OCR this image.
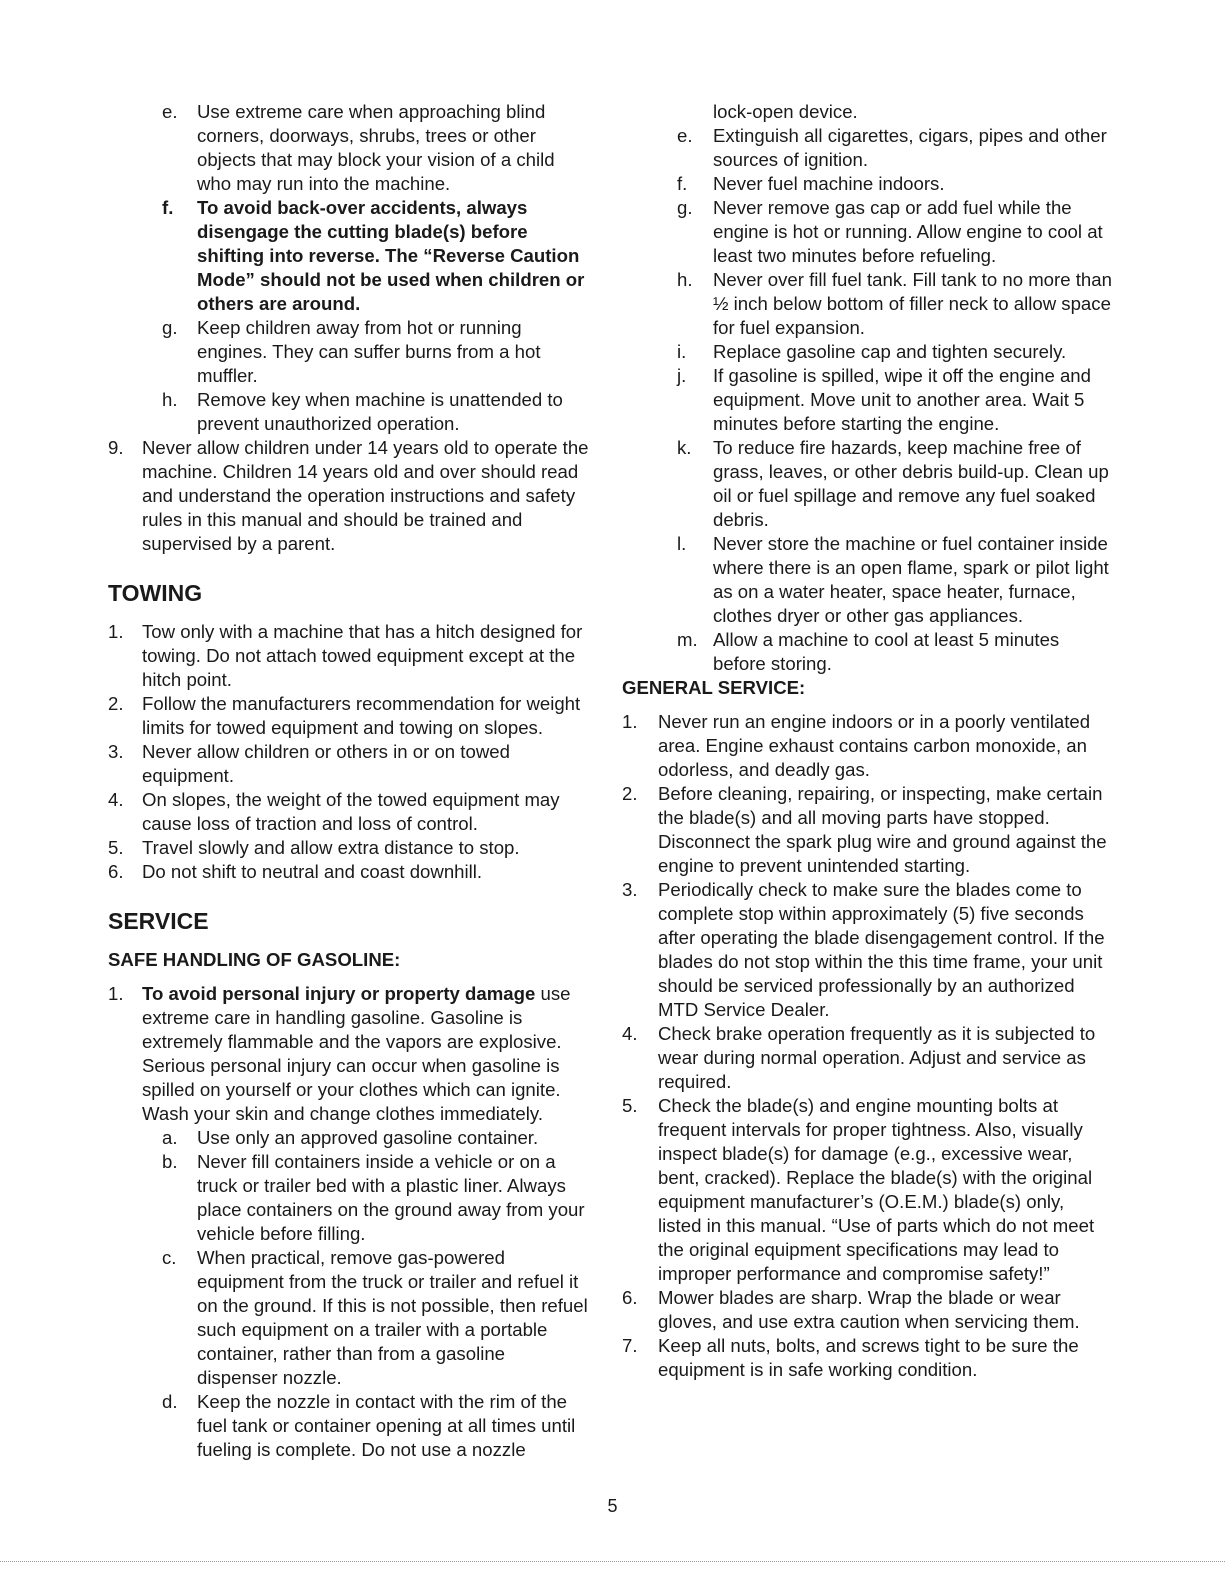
e. Use extreme care when approaching blind corners, doorways, shrubs, trees or other objects that may block your vision of a child who may run into the machine.
f. To avoid back-over accidents, always disengage the cutting blade(s) before shifting into reverse. The “Reverse Caution Mode” should not be used when children or others are around.
g. Keep children away from hot or running engines. They can suffer burns from a hot muffler.
h. Remove key when machine is unattended to prevent unauthorized operation.
9. Never allow children under 14 years old to operate the machine. Children 14 years old and over should read and understand the operation instructions and safety rules in this manual and should be trained and supervised by a parent.
TOWING
1. Tow only with a machine that has a hitch designed for towing. Do not attach towed equipment except at the hitch point.
2. Follow the manufacturers recommendation for weight limits for towed equipment and towing on slopes.
3. Never allow children or others in or on towed equipment.
4. On slopes, the weight of the towed equipment may cause loss of traction and loss of control.
5. Travel slowly and allow extra distance to stop.
6. Do not shift to neutral and coast downhill.
SERVICE
SAFE HANDLING OF GASOLINE:
1. To avoid personal injury or property damage use extreme care in handling gasoline. Gasoline is extremely flammable and the vapors are explosive. Serious personal injury can occur when gasoline is spilled on yourself or your clothes which can ignite. Wash your skin and change clothes immediately.
a. Use only an approved gasoline container.
b. Never fill containers inside a vehicle or on a truck or trailer bed with a plastic liner. Always place containers on the ground away from your vehicle before filling.
c. When practical, remove gas-powered equipment from the truck or trailer and refuel it on the ground. If this is not possible, then refuel such equipment on a trailer with a portable container, rather than from a gasoline dispenser nozzle.
d. Keep the nozzle in contact with the rim of the fuel tank or container opening at all times until fueling is complete. Do not use a nozzle

lock-open device.

e. Extinguish all cigarettes, cigars, pipes and other sources of ignition.
f. Never fuel machine indoors.
g. Never remove gas cap or add fuel while the engine is hot or running. Allow engine to cool at least two minutes before refueling.
h. Never over fill fuel tank. Fill tank to no more than ½ inch below bottom of filler neck to allow space for fuel expansion.
i. Replace gasoline cap and tighten securely.
j. If gasoline is spilled, wipe it off the engine and equipment. Move unit to another area. Wait 5 minutes before starting the engine.
k. To reduce fire hazards, keep machine free of grass, leaves, or other debris build-up. Clean up oil or fuel spillage and remove any fuel soaked debris.
l. Never store the machine or fuel container inside where there is an open flame, spark or pilot light as on a water heater, space heater, furnace, clothes dryer or other gas appliances.
m. Allow a machine to cool at least 5 minutes before storing.
GENERAL SERVICE:
1. Never run an engine indoors or in a poorly ventilated area. Engine exhaust contains carbon monoxide, an odorless, and deadly gas.
2. Before cleaning, repairing, or inspecting, make certain the blade(s) and all moving parts have stopped. Disconnect the spark plug wire and ground against the engine to prevent unintended starting.
3. Periodically check to make sure the blades come to complete stop within approximately (5) five seconds after operating the blade disengagement control. If the blades do not stop within the this time frame, your unit should be serviced professionally by an authorized MTD Service Dealer.
4. Check brake operation frequently as it is subjected to wear during normal operation. Adjust and service as required.
5. Check the blade(s) and engine mounting bolts at frequent intervals for proper tightness. Also, visually inspect blade(s) for damage (e.g., excessive wear, bent, cracked). Replace the blade(s) with the original equipment manufacturer’s (O.E.M.) blade(s) only, listed in this manual. “Use of parts which do not meet the original equipment specifications may lead to improper performance and compromise safety!”
6. Mower blades are sharp. Wrap the blade or wear gloves, and use extra caution when servicing them.
7. Keep all nuts, bolts, and screws tight to be sure the equipment is in safe working condition.
5
